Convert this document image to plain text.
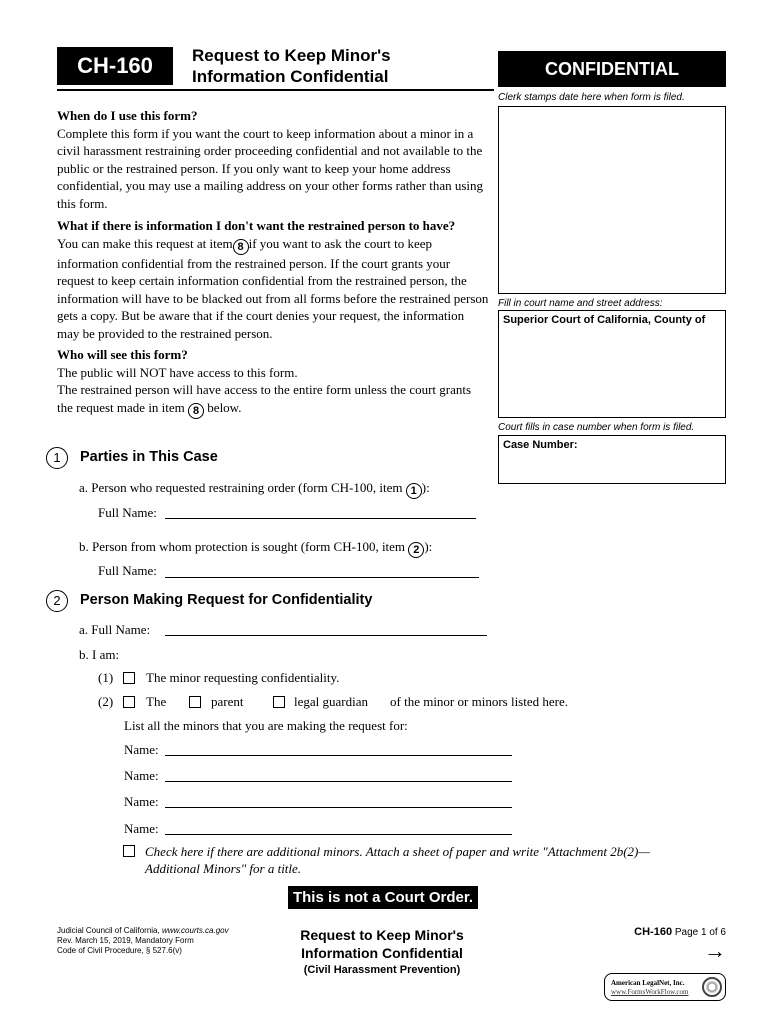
CH-160	Request to Keep Minor's
Information Confidential	CONFIDENTIAL
Clerk stamps date here when form is filed.
Fill in court name and street address:
Superior Court of California, County of
Court fills in case number when form is filed.
Case Number:
When do I use this form?
Complete this form if you want the court to keep information about a minor in a civil harassment restraining order proceeding confidential and not available to the public or the restrained person. If you only want to keep your home address confidential, you may use a mailing address on your other forms rather than using this form.
What if there is information I don't want the restrained person to have?
You can make this request at item 8 if you want to ask the court to keep information confidential from the restrained person. If the court grants your request to keep certain information confidential from the restrained person, the information will have to be blacked out from all forms before the restrained person gets a copy. But be aware that if the court denies your request, the information may be provided to the restrained person.
Who will see this form?
The public will NOT have access to this form.
The restrained person will have access to the entire form unless the court grants the request made in item 8 below.
1	Parties in This Case
a. Person who requested restraining order (form CH-100, item 1 ):
Full Name:
b. Person from whom protection is sought (form CH-100, item 2 ):
Full Name:
2	Person Making Request for Confidentiality
a. Full Name:
b. I am:
(1)	The minor requesting confidentiality.
(2)	The	parent	legal guardian of the minor or minors listed here.
List all the minors that you are making the request for:
Name:
Name:
Name:
Name:
Check here if there are additional minors. Attach a sheet of paper and write "Attachment 2b(2)—
Additional Minors" for a title.
This is not a Court Order.
Judicial Council of California, www.courts.ca.gov
Rev. March 15, 2019, Mandatory Form
Code of Civil Procedure, § 527.6(v)
Request to Keep Minor's
Information Confidential
(Civil Harassment Prevention)
CH-160 Page 1 of 6
→
American LegalNet, Inc.
www.FormsWorkFlow.com
